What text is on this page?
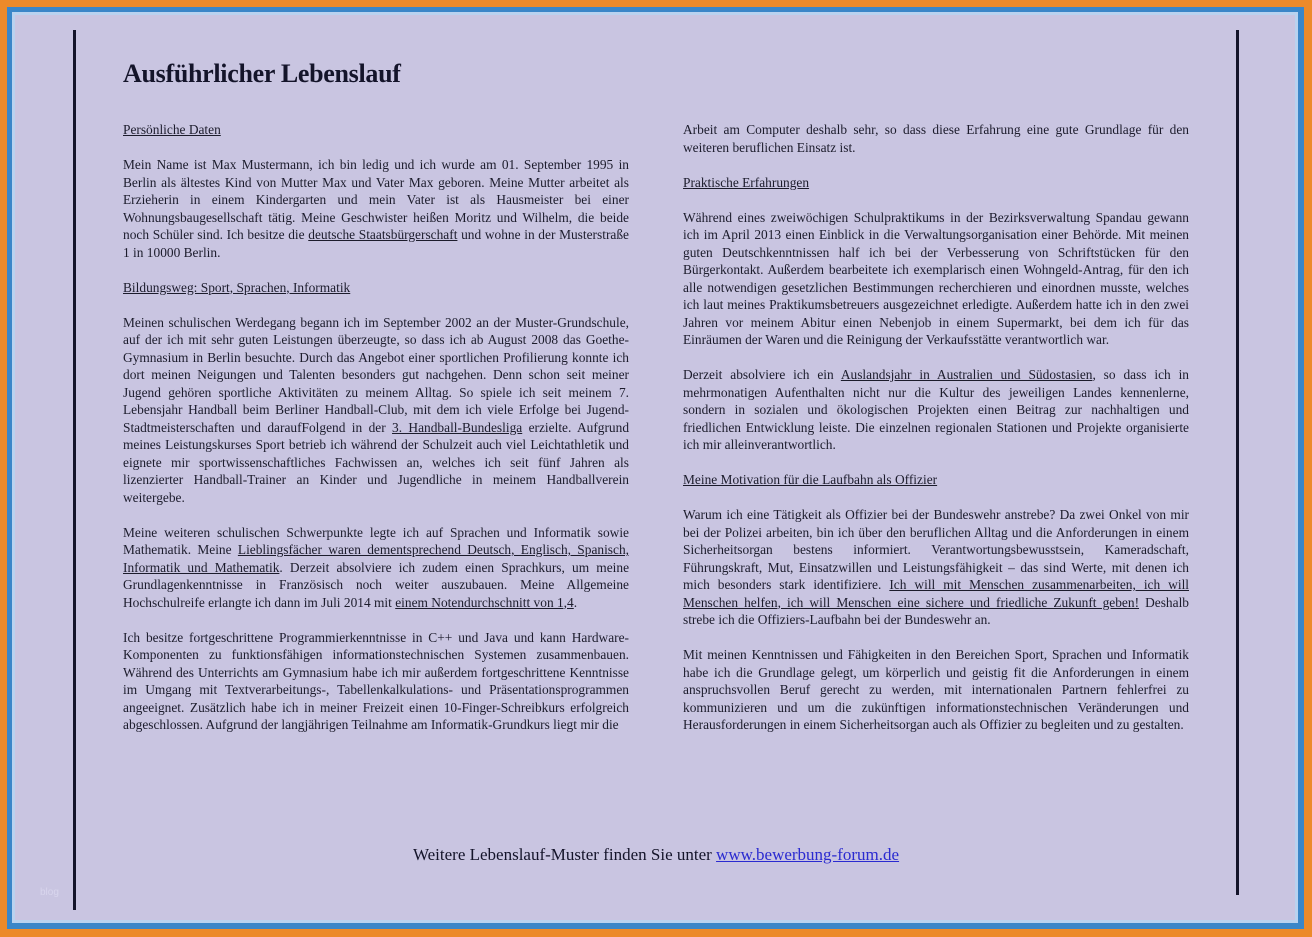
Ausführlicher Lebenslauf
Persönliche Daten

Mein Name ist Max Mustermann, ich bin ledig und ich wurde am 01. September 1995 in Berlin als ältestes Kind von Mutter Max und Vater Max geboren. Meine Mutter arbeitet als Erzieherin in einem Kindergarten und mein Vater ist als Hausmeister bei einer Wohnungsbaugesellschaft tätig. Meine Geschwister heißen Moritz und Wilhelm, die beide noch Schüler sind. Ich besitze die deutsche Staatsbürgerschaft und wohne in der Musterstraße 1 in 10000 Berlin.

Bildungsweg: Sport, Sprachen, Informatik

Meinen schulischen Werdegang begann ich im September 2002 an der Muster-Grundschule, auf der ich mit sehr guten Leistungen überzeugte, so dass ich ab August 2008 das Goethe-Gymnasium in Berlin besuchte. Durch das Angebot einer sportlichen Profilierung konnte ich dort meinen Neigungen und Talenten besonders gut nachgehen. Denn schon seit meiner Jugend gehören sportliche Aktivitäten zu meinem Alltag. So spiele ich seit meinem 7. Lebensjahr Handball beim Berliner Handball-Club, mit dem ich viele Erfolge bei Jugend-Stadtmeisterschaften und daraufFolgend in der 3. Handball-Bundesliga erzielte. Aufgrund meines Leistungskurses Sport betrieb ich während der Schulzeit auch viel Leichtathletik und eignete mir sportwissenschaftliches Fachwissen an, welches ich seit fünf Jahren als lizenzierter Handball-Trainer an Kinder und Jugendliche in meinem Handballverein weitergebe.

Meine weiteren schulischen Schwerpunkte legte ich auf Sprachen und Informatik sowie Mathematik. Meine Lieblingsfächer waren dementsprechend Deutsch, Englisch, Spanisch, Informatik und Mathematik. Derzeit absolviere ich zudem einen Sprachkurs, um meine Grundlagenkenntnisse in Französisch noch weiter auszubauen. Meine Allgemeine Hochschulreife erlangte ich dann im Juli 2014 mit einem Notendurchschnitt von 1,4.

Ich besitze fortgeschrittene Programmierkenntnisse in C++ und Java und kann Hardware-Komponenten zu funktionsfähigen informationstechnischen Systemen zusammenbauen. Während des Unterrichts am Gymnasium habe ich mir außerdem fortgeschrittene Kenntnisse im Umgang mit Textverarbeitungs-, Tabellenkalkulations- und Präsentationsprogrammen angeeignet. Zusätzlich habe ich in meiner Freizeit einen 10-Finger-Schreibkurs erfolgreich abgeschlossen. Aufgrund der langjährigen Teilnahme am Informatik-Grundkurs liegt mir die

Arbeit am Computer deshalb sehr, so dass diese Erfahrung eine gute Grundlage für den weiteren beruflichen Einsatz ist.

Praktische Erfahrungen

Während eines zweiwöchigen Schulpraktikums in der Bezirksverwaltung Spandau gewann ich im April 2013 einen Einblick in die Verwaltungsorganisation einer Behörde. Mit meinen guten Deutschkenntnissen half ich bei der Verbesserung von Schriftstücken für den Bürgerkontakt. Außerdem bearbeitete ich exemplarisch einen Wohngeld-Antrag, für den ich alle notwendigen gesetzlichen Bestimmungen recherchieren und einordnen musste, welches ich laut meines Praktikumsbetreuers ausgezeichnet erledigte. Außerdem hatte ich in den zwei Jahren vor meinem Abitur einen Nebenjob in einem Supermarkt, bei dem ich für das Einräumen der Waren und die Reinigung der Verkaufsstätte verantwortlich war.

Derzeit absolviere ich ein Auslandsjahr in Australien und Südostasien, so dass ich in mehrmonatigen Aufenthalten nicht nur die Kultur des jeweiligen Landes kennenlerne, sondern in sozialen und ökologischen Projekten einen Beitrag zur nachhaltigen und friedlichen Entwicklung leiste. Die einzelnen regionalen Stationen und Projekte organisierte ich mir alleinverantwortlich.

Meine Motivation für die Laufbahn als Offizier

Warum ich eine Tätigkeit als Offizier bei der Bundeswehr anstrebe? Da zwei Onkel von mir bei der Polizei arbeiten, bin ich über den beruflichen Alltag und die Anforderungen in einem Sicherheitsorgan bestens informiert. Verantwortungsbewusstsein, Kameradschaft, Führungskraft, Mut, Einsatzwillen und Leistungsfähigkeit – das sind Werte, mit denen ich mich besonders stark identifiziere. Ich will mit Menschen zusammenarbeiten, ich will Menschen helfen, ich will Menschen eine sichere und friedliche Zukunft geben! Deshalb strebe ich die Offiziers-Laufbahn bei der Bundeswehr an.

Mit meinen Kenntnissen und Fähigkeiten in den Bereichen Sport, Sprachen und Informatik habe ich die Grundlage gelegt, um körperlich und geistig fit die Anforderungen in einem anspruchsvollen Beruf gerecht zu werden, mit internationalen Partnern fehlerfrei zu kommunizieren und um die zukünftigen informationstechnischen Veränderungen und Herausforderungen in einem Sicherheitsorgan auch als Offizier zu begleiten und zu gestalten.

Weitere Lebenslauf-Muster finden Sie unter www.bewerbung-forum.de
blog
